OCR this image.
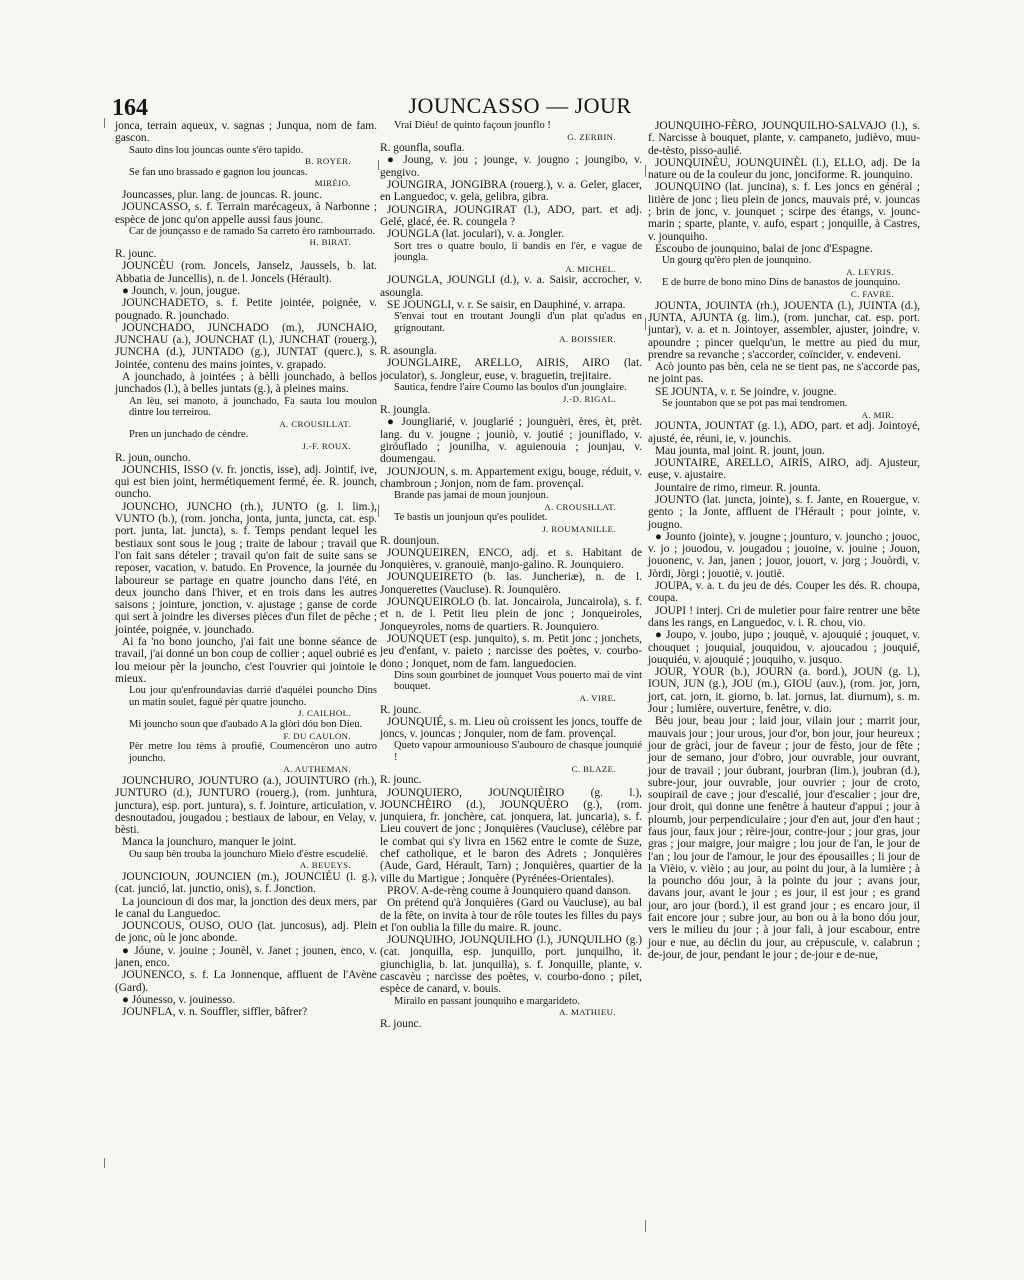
164	JOUNCASSO — JOUR

jonca, terrain aqueux, v. sagnas ; Junqua, nom de fam. gascon.

Sauto dins lou jouncas ounte s'èro tapido.

B. ROYER.

Se fan uno brassado e gagnon lou jouncas.

MIRÈIO.

Jouncasses, plur. lang. de jouncas. R. jounc.

JOUNCASSO, s. f. Terrain marécageux, à Narbonne ; espèce de jonc qu'on appelle aussi faus jounc.

Car de jounçasso e de ramado Sa carreto èro rambourrado.

H. BIRAT.

R. jounc.

JOUNCÈU (rom. Joncels, Janselz, Jaussels, b. lat. Abbatia de Juncellis), n. de l. Joncels (Hérault).

● Jounch, v. joun, jougue.

JOUNCHADETO, s. f. Petite jointée, poignée, v. pougnado. R. jounchado.

JOUNCHADO, JUNCHADO (m.), JUNCHAIO, JUNCHAU (a.), JOUNCHAT (l.), JUNCHAT (rouerg.), JUNCHA (d.), JUNTADO (g.), JUNTAT (querc.), s. Jointée, contenu des mains jointes, v. grapado.

A jounchado, à jointées ; à bèlli jounchado, à bellos junchados (l.), à belles juntats (g.), à pleines mains.

An lèu, sei manoto, à jounchado, Fa sauta lou moulon dintre lou terreirou.

A. CROUSILLAT.

Pren un junchado de cèndre.

J.-F. ROUX.

R. joun, ouncho.

JOUNCHIS, ISSO (v. fr. jonctis, isse), adj. Jointif, ive, qui est bien joint, hermétiquement fermé, ée. R. jounch, ouncho.

JOUNCHO, JUNCHO (rh.), JUNTO (g. l. lim.), VUNTO (b.), (rom. joncha, jonta, junta, juncta, cat. esp. port. junta, lat. juncta), s. f. Temps pendant lequel les bestiaux sont sous le joug ; traite de labour ; travail que l'on fait sans dételer ; travail qu'on fait de suite sans se reposer, vacation, v. batudo. En Provence, la journée du laboureur se partage en quatre jouncho dans l'été, en deux jouncho dans l'hiver, et en trois dans les autres saisons ; jointure, jonction, v. ajustage ; ganse de corde qui sert à joindre les diverses pièces d'un filet de pêche ; jointée, poignée, v. jounchado.

Ai fa 'no bono jouncho, j'ai fait une bonne séance de travail, j'ai donné un bon coup de collier ; aquel oubrié es lou meiour pèr la jouncho, c'est l'ouvrier qui jointoie le mieux.

Lou jour qu'enfroundavias darrié d'aquèlei pouncho Dins un matin soulet, fagué pèr quatre jouncho.

J. CAILHOL.

Mi jouncho soun que d'aubado A la glòri dóu bon Dieu.

F. DU CAULON.

Pèr metre lou tèms à proufié, Coumencèron uno autro jouncho.

A. AUTHEMAN.

JOUNCHURO, JOUNTURO (a.), JOUINTURO (rh.), JUNTURO (d.), JUNTURO (rouerg.), (rom. junhtura, junctura), esp. port. juntura), s. f. Jointure, articulation, v. desnoutadou, jougadou ; bestiaux de labour, en Velay, v. bèsti.

Manca la jounchuro, manquer le joint.

Ou saup bèn trouba la jounchuro Mielo d'èstre escudelié.

A. BEUEYS.

JOUNCIOUN, JOUNCIEN (m.), JOUNCIÉU (l. g.), (cat. junció, lat. junctio, onis), s. f. Jonction.

La jouncioun di dos mar, la jonction des deux mers, par le canal du Languedoc.

JOUNCOUS, OUSO, OUO (lat. juncosus), adj. Plein de jonc, où le jonc abonde.

● Jóune, v. jouine ; Jounèl, v. Janet ; jounen, enco, v. janen, enco.

JOUNENCO, s. f. La Jonnenque, affluent de l'Avène (Gard).

● Jóunesso, v. jouinesso.

JOUNFLA, v. n. Souffler, siffler, bâfrer?

Vrai Diéu! de quinto façoun jounflo !

G. ZERBIN.

R. gounfla, soufla.

● Joung, v. jou ; jounge, v. jougno ; joungibo, v. gengivo.

JOUNGIRA, JONGIBRA (rouerg.), v. a. Geler, glacer, en Languedoc, v. gela, gelibra, gibra.

JOUNGIRA, JOUNGIRAT (l.), ADO, part. et adj. Gelé, glacé, ée. R. coungela ?

JOUNGLA (lat. joculari), v. a. Jongler.

Sort tres o quatre boulo, li bandis en l'èr, e vague de joungla.

A. MICHEL.

JOUNGLA, JOUNGLI (d.), v. a. Saisir, accrocher, v. asoungla.

SE JOUNGLI, v. r. Se saisir, en Dauphiné, v. arrapa.

S'envai tout en troutant Joungli d'un plat qu'adus en grignoutant.

A. BOISSIER.

R. asoungla.

JOUNGLAIRE, ARELLO, AIRIS, AIRO (lat. joculator), s. Jongleur, euse, v. braguetin, trejitaire.

Sautica, fendre l'aire Coumo las boulos d'un jounglaire.

J.-D. RIGAL.

R. joungla.

● Joungliarié, v. jouglarié ; jounguèri, ères, èt, prèt. lang. du v. jougne ; jouniò, v. joutié ; jouniflado, v. giróuflado ; jounilha, v. aguienouia ; jounjau, v. doumengau.

JOUNJOUN, s. m. Appartement exigu, bouge, réduit, v. chambroun ; Jonjon, nom de fam. provençal.

Brande pas jamai de moun jounjoun.

A. CROUSILLAT.

Te bastis un jounjoun qu'es poulidet.

J. ROUMANILLE.

R. dounjoun.

JOUNQUEIREN, ENCO, adj. et s. Habitant de Jonquières, v. granouiè, manjo-galino. R. Jounquiero.

JOUNQUEIRETO (b. las. Juncheriæ), n. de l. Jonquerettes (Vaucluse). R. Jounquièro.

JOUNQUEIROLO (b. lat. Joncairola, Juncairola), s. f. et n. de l. Petit lieu plein de jonc ; Jonqueiroles, Jonqueyroles, noms de quartiers. R. Jounquiero.

JOUNQUET (esp. junquito), s. m. Petit jonc ; jonchets, jeu d'enfant, v. paieto ; narcisse des poètes, v. courbo-dono ; Jonquet, nom de fam. languedocien.

Dins soun gourbinet de jounquet Vous pouerto mai de vint bouquet.

A. VIRE.

R. jounc.

JOUNQUIÉ, s. m. Lieu où croissent les joncs, touffe de joncs, v. jouncas ; Jonquier, nom de fam. provençal.

Queto vapour armouniouso S'aubouro de chasque jounquié !

C. BLAZE.

R. jounc.

JOUNQUIERO, JOUNQUIÈIRO (g. l.), JOUNCHÈIRO (d.), JOUNQUÈRO (g.), (rom. junquiera, fr. jonchère, cat. jonquera, lat. juncaria), s. f. Lieu couvert de jonc ; Jonquières (Vaucluse), célèbre par le combat qui s'y livra en 1562 entre le comte de Suze, chef catholique, et le baron des Adrets ; Jonquières (Aude, Gard, Hérault, Tarn) ; Jonquières, quartier de la ville du Martigue ; Jonquère (Pyrénées-Orientales).

PROV. A-de-rèng coume à Jounquiero quand danson.

On prétend qu'à Jonquières (Gard ou Vaucluse), au bal de la fête, on invita à tour de rôle toutes les filles du pays et l'on oublia la fille du maire. R. jounc.

JOUNQUIHO, JOUNQUILHO (l.), JUNQUILHO (g.) (cat. jonquilla, esp. junquillo, port. junquilho, it. giunchiglia, b. lat. junquilla), s. f. Jonquille, plante, v. cascavèu ; narcisse des poètes, v. courbo-dono ; pilet, espèce de canard, v. bouis.

Mirailo en passant jounquiho e margarideto.

A. MATHIEU.

R. jounc.

JOUNQUIHO-FÈRO, JOUNQUILHO-SALVAJO (l.), s. f. Narcisse à bouquet, plante, v. campaneto, judièvo, muu-de-tèsto, pisso-aulié.

JOUNQUINÈU, JOUNQUINÈL (l.), ELLO, adj. De la nature ou de la couleur du jonc, jonciforme. R. jounquino.

JOUNQUINO (lat. juncina), s. f. Les joncs en général ; litière de jonc ; lieu plein de joncs, mauvais pré, v. jouncas ; brin de jonc, v. jounquet ; scirpe des étangs, v. jounc-marin ; sparte, plante, v. aufo, espart ; jonquille, à Castres, v. jounquiho.

Escoubo de jounquino, balai de jonc d'Espagne.

Un gourg qu'èro plen de jounquino.

A. LEYRIS.

E de burre de bono mino Dins de banastos de jounquino.

C. FAVRE.

JOUNTA, JOUINTA (rh.), JOUENTA (l.), JUINTA (d.), JUNTA, AJUNTA (g. lim.), (rom. junchar, cat. esp. port. juntar), v. a. et n. Jointoyer, assembler, ajuster, joindre, v. apoundre ; pincer quelqu'un, le mettre au pied du mur, prendre sa revanche ; s'accorder, coïncider, v. endeveni.

Acò jounto pas bèn, cela ne se tient pas, ne s'accorde pas, ne joint pas.

SE JOUNTA, v. r. Se joindre, v. jougne.

Se jountabon que se pot pas mai tendromen.

A. MIR.

JOUNTA, JOUNTAT (g. l.), ADO, part. et adj. Jointoyé, ajusté, ée, réuni, ie, v. jounchis.

Mau jounta, mal joint. R. jount, joun.

JOUNTAIRE, ARELLO, AIRIS, AIRO, adj. Ajusteur, euse, v. ajustaire.

Jountaire de rimo, rimeur. R. jounta.

JOUNTO (lat. juncta, jointe), s. f. Jante, en Rouergue, v. gento ; la Jonte, affluent de l'Hérault ; pour jointe, v. jougno.

● Jounto (jointe), v. jougne ; jounturo, v. jouncho ; jouoc, v. jo ; jouodou, v. jougadou ; jouoine, v. jouine ; Jouon, jouonenc, v. Jan, janen ; jouor, jouort, v. jorg ; Jouòrdi, v. Jòrdi, Jòrgi ; jouotiè, v. joutiè.

JOUPA, v. a. t. du jeu de dés. Couper les dés. R. choupa, coupa.

JOUPI ! interj. Cri de muletier pour faire rentrer une bête dans les rangs, en Languedoc, v. i. R. chou, vio.

● Joupo, v. joubo, jupo ; jouquè, v. ajouquié ; jouquet, v. chouquet ; jouquial, jouquidou, v. ajoucadou ; jouquié, jouquiéu, v. ajouquié ; jouquiho, v. jusquo.

JOUR, YOUR (b.), JOURN (a. bord.), JOUN (g. l.), IOUN, JUN (g.), JOU (m.), GIOU (auv.), (rom. jor, jorn, jort, cat. jorn, it. giorno, b. lat. jornus, lat. diurnum), s. m. Jour ; lumière, ouverture, fenêtre, v. dio.

Bèu jour, beau jour ; laid jour, vilain jour ; marrit jour, mauvais jour ; jour urous, jour d'or, bon jour, jour heureux ; jour de gràci, jour de faveur ; jour de fèsto, jour de fête ; jour de semano, jour d'obro, jour ouvrable, jour ouvrant, jour de travail ; jour óubrant, jourbran (lim.), joubran (d.), subre-jour, jour ouvrable, jour ouvrier ; jour de croto, soupirail de cave ; jour d'escalié, jour d'escalier ; jour dre, jour droit, qui donne une fenêtre à hauteur d'appui ; jour à ploumb, jour perpendiculaire ; jour d'en aut, jour d'en haut ; faus jour, faux jour ; rèire-jour, contre-jour ; jour gras, jour gras ; jour maigre, jour maigre ; lou jour de l'an, le jour de l'an ; lou jour de l'amour, le jour des épousailles ; li jour de la Vièio, v. vièio ; au jour, au point du jour, à la lumière ; à la pouncho dóu jour, à la pointe du jour ; avans jour, davans jour, avant le jour ; es jour, il est jour ; es grand jour, aro jour (bord.), il est grand jour ; es encaro jour, il fait encore jour ; subre jour, au bon ou à la bono dóu jour, vers le milieu du jour ; à jour fali, à jour escabour, entre jour e nue, au déclin du jour, au crépuscule, v. calabrun ; de-jour, de jour, pendant le jour ; de-jour e de-nue,
